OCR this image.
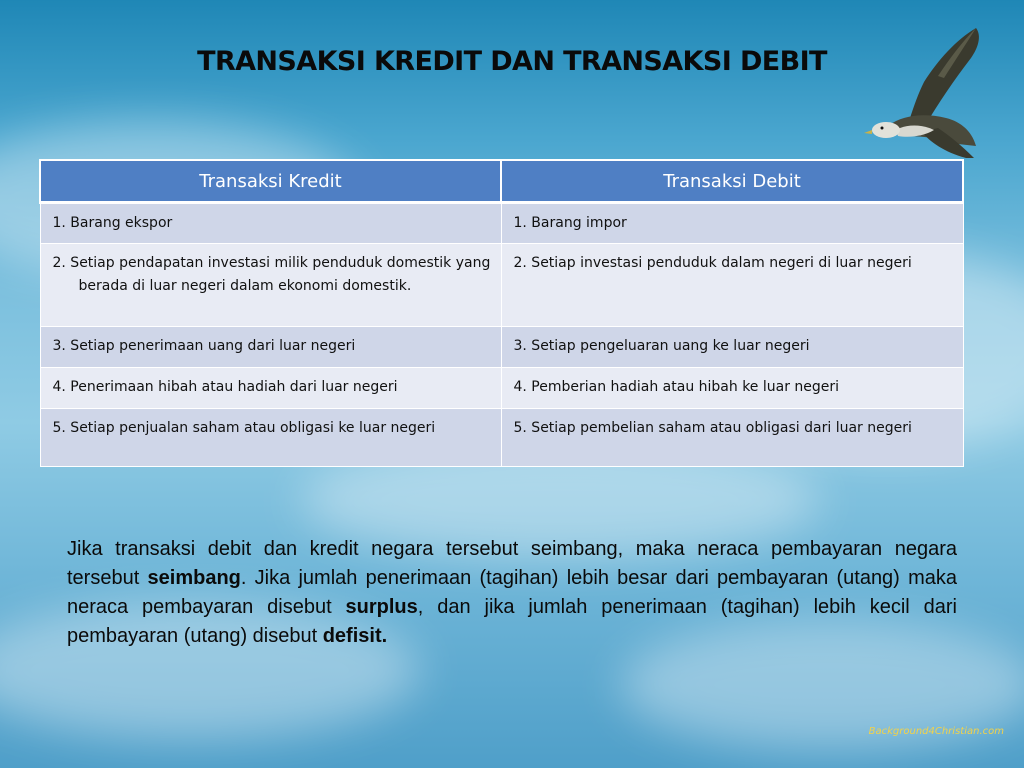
TRANSAKSI KREDIT DAN TRANSAKSI DEBIT
Transaksi Kredit	Transaksi Debit

1. Barang ekspor	1. Barang impor

2. Setiap pendapatan investasi milik penduduk domestik yang berada di luar negeri dalam ekonomi domestik.	2. Setiap investasi penduduk dalam negeri di luar negeri

3. Setiap penerimaan uang dari luar negeri	3. Setiap pengeluaran uang ke luar negeri

4. Penerimaan hibah atau hadiah dari luar negeri	4. Pemberian hadiah atau hibah ke luar negeri

5. Setiap penjualan saham atau obligasi ke luar negeri	5. Setiap pembelian saham atau obligasi dari luar negeri
Jika transaksi debit dan kredit negara tersebut seimbang, maka neraca pembayaran negara tersebut seimbang. Jika jumlah penerimaan (tagihan) lebih besar dari pembayaran (utang) maka neraca pembayaran disebut surplus, dan jika jumlah penerimaan (tagihan) lebih kecil dari pembayaran (utang) disebut defisit.
Background4Christian.com
